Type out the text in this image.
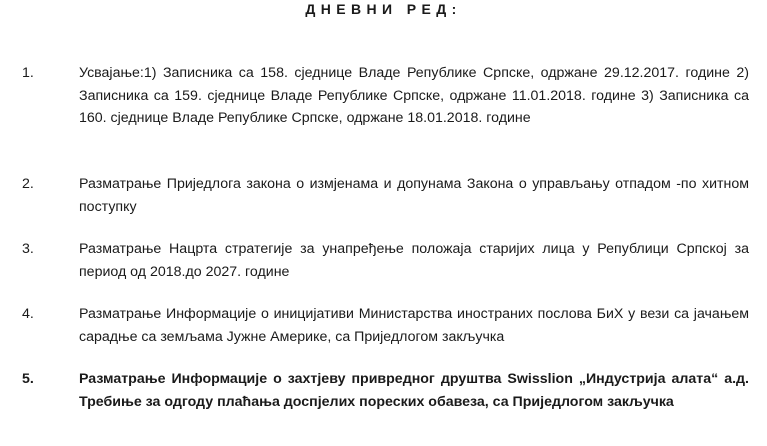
ДНЕВНИ РЕД:
1.	Усвајање:1) Записника са 158. сједнице Владе Републике Српске, одржане 29.12.2017. године 2) Записника са 159. сједнице Владе Републике Српске, одржане 11.01.2018. године 3) Записника са 160. сједнице Владе Републике Српске, одржане 18.01.2018. године
2.	Разматрање Приједлога закона о измјенама и допунама Закона о управљању отпадом -по хитном поступку
3.	Разматрање Нацрта стратегије за унапређење положаја старијих лица у Републици Српској за период од 2018.до 2027. године
4.	Разматрање Информације о иницијативи Министарства иностраних послова БиХ у вези са јачањем сарадње са земљама Јужне Америке, са Приједлогом закључка
5.	Разматрање Информације о захтјеву привредног друштва Swisslion „Индустрија алата“ а.д. Требиње за одгоду плаћања доспјелих пореских обавеза, са Приједлогом закључка
